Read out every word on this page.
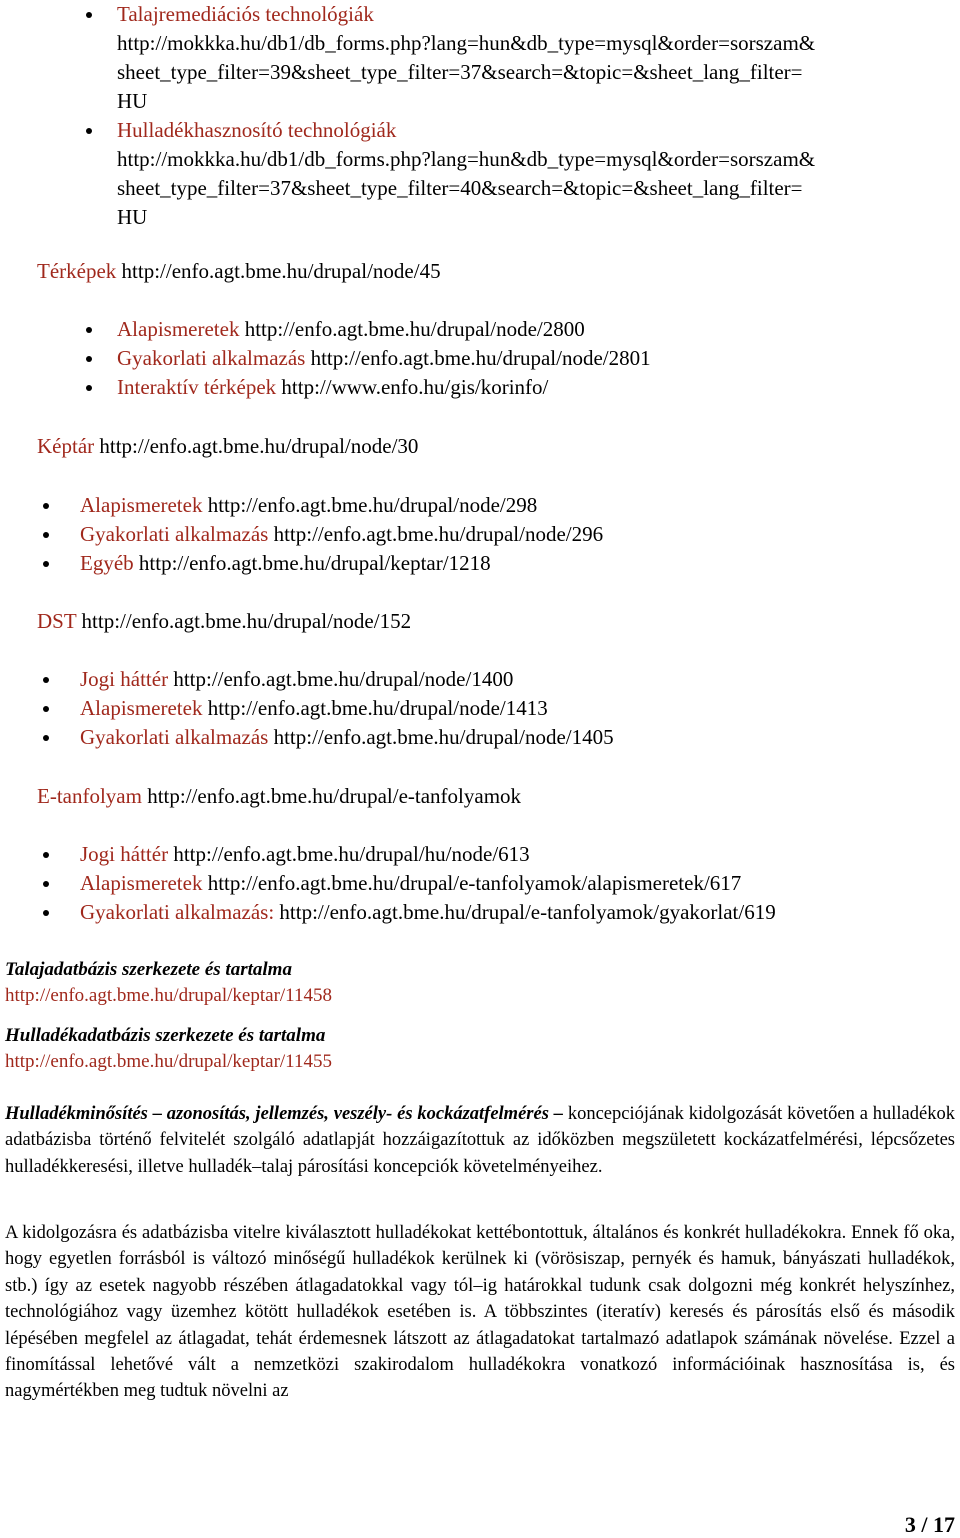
Talajremediációs technológiák
http://mokkka.hu/db1/db_forms.php?lang=hun&db_type=mysql&order=sorszam&
sheet_type_filter=39&sheet_type_filter=37&search=&topic=&sheet_lang_filter=
HU
Hulladékhasznosító technológiák
http://mokkka.hu/db1/db_forms.php?lang=hun&db_type=mysql&order=sorszam&
sheet_type_filter=37&sheet_type_filter=40&search=&topic=&sheet_lang_filter=
HU
Térképek http://enfo.agt.bme.hu/drupal/node/45
Alapismeretek http://enfo.agt.bme.hu/drupal/node/2800
Gyakorlati alkalmazás http://enfo.agt.bme.hu/drupal/node/2801
Interaktív térképek http://www.enfo.hu/gis/korinfo/
Képtár http://enfo.agt.bme.hu/drupal/node/30
Alapismeretek http://enfo.agt.bme.hu/drupal/node/298
Gyakorlati alkalmazás http://enfo.agt.bme.hu/drupal/node/296
Egyéb http://enfo.agt.bme.hu/drupal/keptar/1218
DST http://enfo.agt.bme.hu/drupal/node/152
Jogi háttér http://enfo.agt.bme.hu/drupal/node/1400
Alapismeretek http://enfo.agt.bme.hu/drupal/node/1413
Gyakorlati alkalmazás http://enfo.agt.bme.hu/drupal/node/1405
E-tanfolyam http://enfo.agt.bme.hu/drupal/e-tanfolyamok
Jogi háttér http://enfo.agt.bme.hu/drupal/hu/node/613
Alapismeretek http://enfo.agt.bme.hu/drupal/e-tanfolyamok/alapismeretek/617
Gyakorlati alkalmazás: http://enfo.agt.bme.hu/drupal/e-tanfolyamok/gyakorlat/619
Talajadatbázis szerkezete és tartalma
http://enfo.agt.bme.hu/drupal/keptar/11458
Hulladékadatbázis szerkezete és tartalma
http://enfo.agt.bme.hu/drupal/keptar/11455
Hulladékminősítés – azonosítás, jellemzés, veszély- és kockázatfelmérés – koncepciójának kidolgozását követően a hulladékok adatbázisba történő felvitelét szolgáló adatlapját hozzáigazítottuk az időközben megszületett kockázatfelmérési, lépcsőzetes hulladékkeresési, illetve hulladék–talaj párosítási koncepciók követelményeihez.
A kidolgozásra és adatbázisba vitelre kiválasztott hulladékokat kettébontottuk, általános és konkrét hulladékokra. Ennek fő oka, hogy egyetlen forrásból is változó minőségű hulladékok kerülnek ki (vörösiszap, pernyék és hamuk, bányászati hulladékok, stb.) így az esetek nagyobb részében átlagadatokkal vagy tól–ig határokkal tudunk csak dolgozni még konkrét helyszínhez, technológiához vagy üzemhez kötött hulladékok esetében is. A többszintes (iteratív) keresés és párosítás első és második lépésében megfelel az átlagadat, tehát érdemesnek látszott az átlagadatokat tartalmazó adatlapok számának növelése. Ezzel a finomítással lehetővé vált a nemzetközi szakirodalom hulladékokra vonatkozó információinak hasznosítása is, és nagymértékben meg tudtuk növelni az
3 / 17
